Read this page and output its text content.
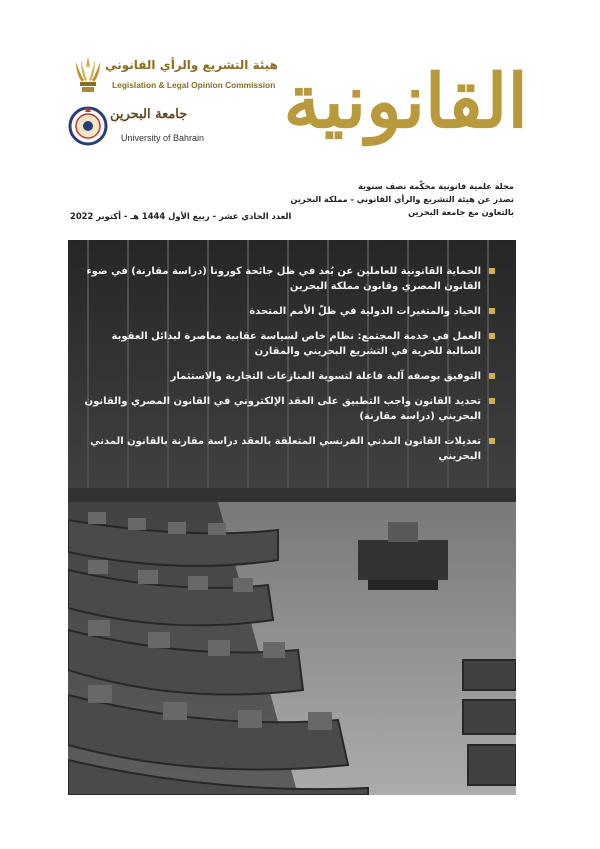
هيئة التشريع والرأي القانوني
Legislation & Legal Opinion Commission
جامعة البحرين
University of Bahrain القانونية
مجلة علمية قانونية محكّمة نصف سنوية
تصدر عن هيئة التشريع والرأي القانوني - مملكة البحرين
بالتعاون مع جامعة البحرين
العدد الحادي عشر - ربيع الأول 1444 هـ - أكتوبر 2022
الحماية القانونية للعاملين عن بُعد في ظل جائحة كورونا (دراسة مقارنة) في ضوء القانون المصري وقانون مملكة البحرين
الحياد والمتغيرات الدولية في ظلّ الأمم المتحدة
العمل في خدمة المجتمع: نظام خاص لسياسة عقابية معاصرة لبدائل العقوبة السالبة للحرية في التشريع البحريني والمقارن
التوفيق بوصفه آلية فاعلة لتسوية المنازعات التجارية والاستثمار
تحديد القانون واجب التطبيق على العقد الإلكتروني في القانون المصري والقانون البحريني (دراسة مقارنة)
تعديلات القانون المدني الفرنسي المتعلقة بالعقد دراسة مقارنة بالقانون المدني البحريني
